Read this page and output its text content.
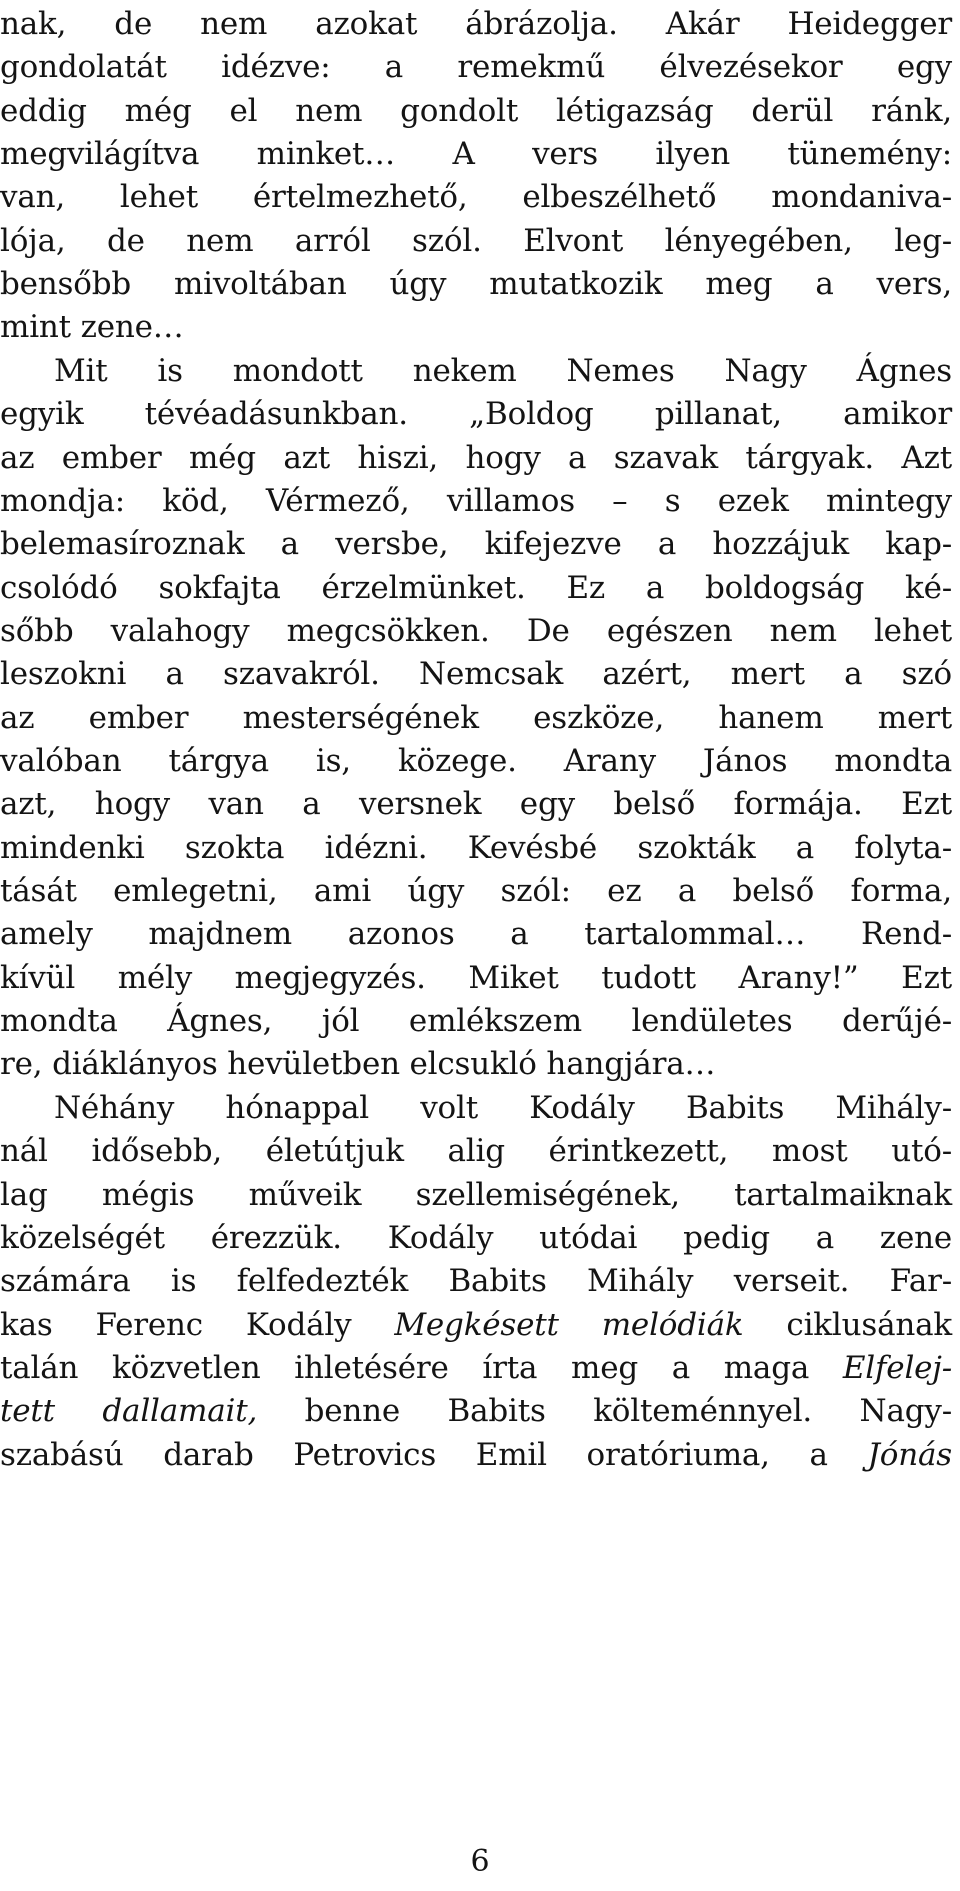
nak, de nem azokat ábrázolja. Akár Heidegger
gondolatát idézve: a remekmű élvezésekor egy
eddig még el nem gondolt létigazság derül ránk,
megvilágítva minket… A vers ilyen tünemény:
van, lehet értelmezhető, elbeszélhető mondaniva-
lója, de nem arról szól. Elvont lényegében, leg-
bensőbb mivoltában úgy mutatkozik meg a vers,
mint zene…
Mit is mondott nekem Nemes Nagy Ágnes
egyik tévéadásunkban. „Boldog pillanat, amikor
az ember még azt hiszi, hogy a szavak tárgyak. Azt
mondja: köd, Vérmező, villamos – s ezek mintegy
belemasíroznak a versbe, kifejezve a hozzájuk kap-
csolódó sokfajta érzelmünket. Ez a boldogság ké-
sőbb valahogy megcsökken. De egészen nem lehet
leszokni a szavakról. Nemcsak azért, mert a szó
az ember mesterségének eszköze, hanem mert
valóban tárgya is, közege. Arany János mondta
azt, hogy van a versnek egy belső formája. Ezt
mindenki szokta idézni. Kevésbé szokták a folyta-
tását emlegetni, ami úgy szól: ez a belső forma,
amely majdnem azonos a tartalommal… Rend-
kívül mély megjegyzés. Miket tudott Arany!” Ezt
mondta Ágnes, jól emlékszem lendületes derűjé-
re, diáklányos hevületben elcsukló hangjára…
Néhány hónappal volt Kodály Babits Mihály-
nál idősebb, életútjuk alig érintkezett, most utó-
lag mégis műveik szellemiségének, tartalmaiknak
közelségét érezzük. Kodály utódai pedig a zene
számára is felfedezték Babits Mihály verseit. Far-
kas Ferenc Kodály Megkésett melódiák ciklusának
talán közvetlen ihletésére írta meg a maga Elfelej-
tett dallamait, benne Babits költeménnyel. Nagy-
szabású darab Petrovics Emil oratóriuma, a Jónás
6
